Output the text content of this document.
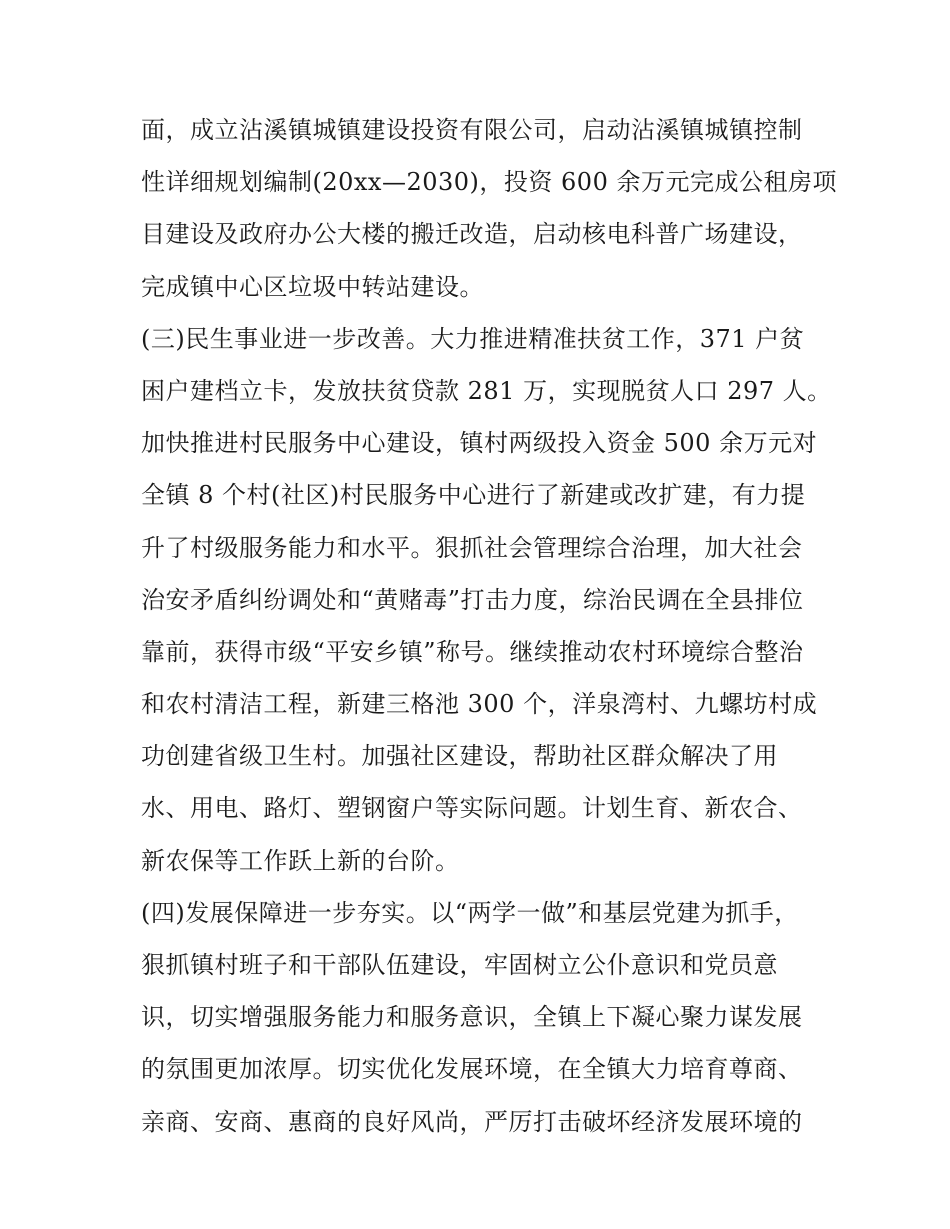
面，成立沾溪镇城镇建设投资有限公司，启动沾溪镇城镇控制
性详细规划编制(20xx—2030)，投资 600 余万元完成公租房项
目建设及政府办公大楼的搬迁改造，启动核电科普广场建设，
完成镇中心区垃圾中转站建设。
(三)民生事业进一步改善。大力推进精准扶贫工作，371 户贫
困户建档立卡，发放扶贫贷款 281 万，实现脱贫人口 297 人。
加快推进村民服务中心建设，镇村两级投入资金 500 余万元对
全镇 8 个村(社区)村民服务中心进行了新建或改扩建，有力提
升了村级服务能力和水平。狠抓社会管理综合治理，加大社会
治安矛盾纠纷调处和“黄赌毒”打击力度，综治民调在全县排位
靠前，获得市级“平安乡镇”称号。继续推动农村环境综合整治
和农村清洁工程，新建三格池 300 个，洋泉湾村、九螺坊村成
功创建省级卫生村。加强社区建设，帮助社区群众解决了用
水、用电、路灯、塑钢窗户等实际问题。计划生育、新农合、
新农保等工作跃上新的台阶。
(四)发展保障进一步夯实。以“两学一做”和基层党建为抓手，
狠抓镇村班子和干部队伍建设，牢固树立公仆意识和党员意
识，切实增强服务能力和服务意识，全镇上下凝心聚力谋发展
的氛围更加浓厚。切实优化发展环境，在全镇大力培育尊商、
亲商、安商、惠商的良好风尚，严厉打击破坏经济发展环境的
